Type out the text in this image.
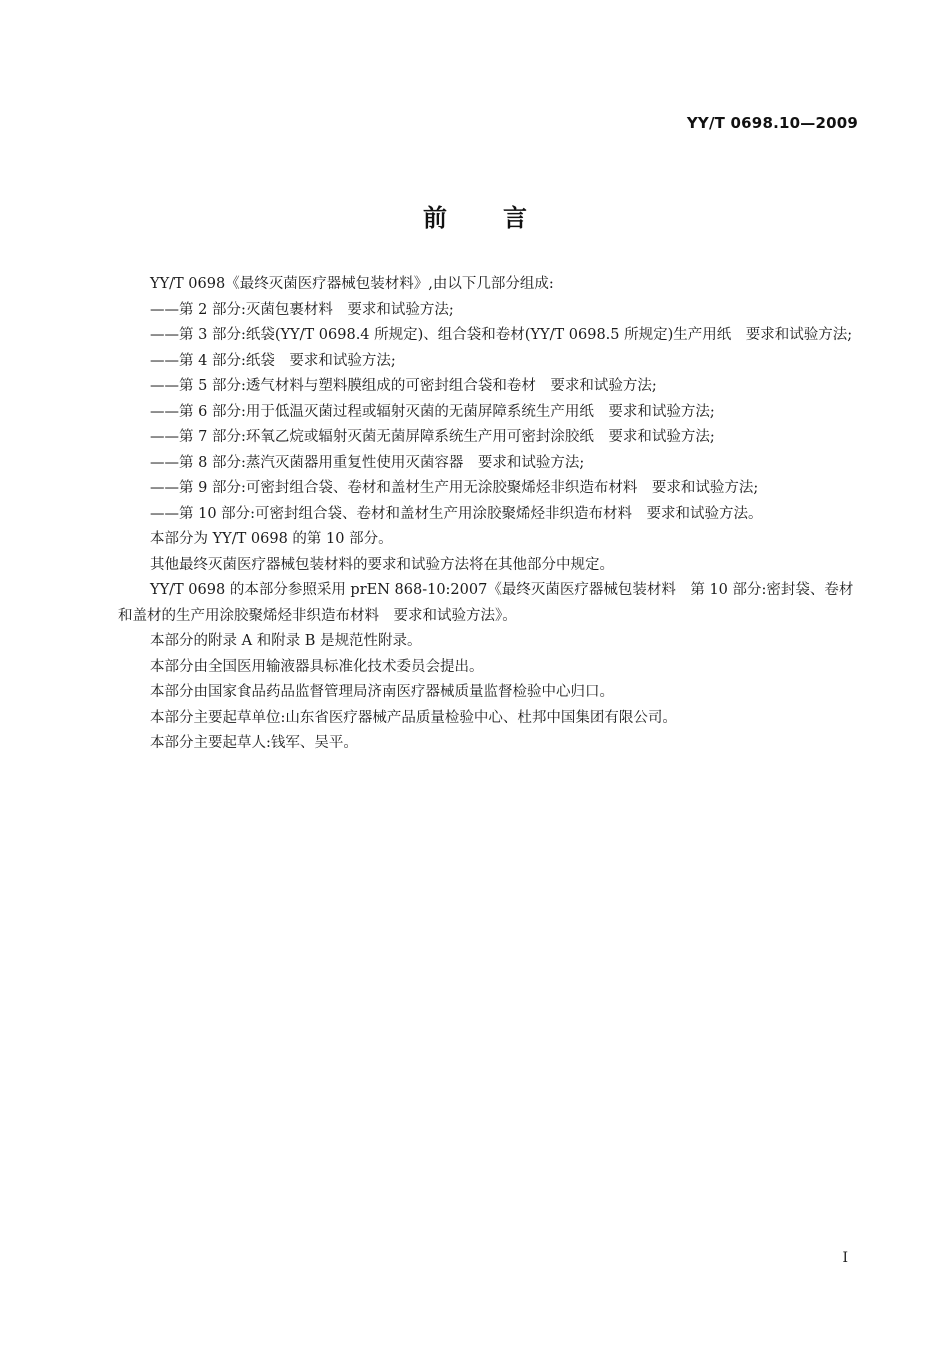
YY/T 0698.10—2009
前言

YY/T 0698《最终灭菌医疗器械包装材料》,由以下几部分组成:

—— 第 2 部分:灭菌包裹材料　要求和试验方法;
—— 第 3 部分:纸袋(YY/T 0698.4 所规定)、组合袋和卷材(YY/T 0698.5 所规定)生产用纸　要求和试验方法;
—— 第 4 部分:纸袋　要求和试验方法;
—— 第 5 部分:透气材料与塑料膜组成的可密封组合袋和卷材　要求和试验方法;
—— 第 6 部分:用于低温灭菌过程或辐射灭菌的无菌屏障系统生产用纸　要求和试验方法;
—— 第 7 部分:环氧乙烷或辐射灭菌无菌屏障系统生产用可密封涂胶纸　要求和试验方法;
—— 第 8 部分:蒸汽灭菌器用重复性使用灭菌容器　要求和试验方法;
—— 第 9 部分:可密封组合袋、卷材和盖材生产用无涂胶聚烯烃非织造布材料　要求和试验方法;
—— 第 10 部分:可密封组合袋、卷材和盖材生产用涂胶聚烯烃非织造布材料　要求和试验方法。

本部分为 YY/T 0698 的第 10 部分。

其他最终灭菌医疗器械包装材料的要求和试验方法将在其他部分中规定。

YY/T 0698 的本部分参照采用 prEN 868-10:2007《最终灭菌医疗器械包装材料　第 10 部分:密封袋、卷材和盖材的生产用涂胶聚烯烃非织造布材料　要求和试验方法》。

本部分的附录 A 和附录 B 是规范性附录。

本部分由全国医用输液器具标准化技术委员会提出。

本部分由国家食品药品监督管理局济南医疗器械质量监督检验中心归口。

本部分主要起草单位:山东省医疗器械产品质量检验中心、杜邦中国集团有限公司。

本部分主要起草人:钱军、吴平。

I
